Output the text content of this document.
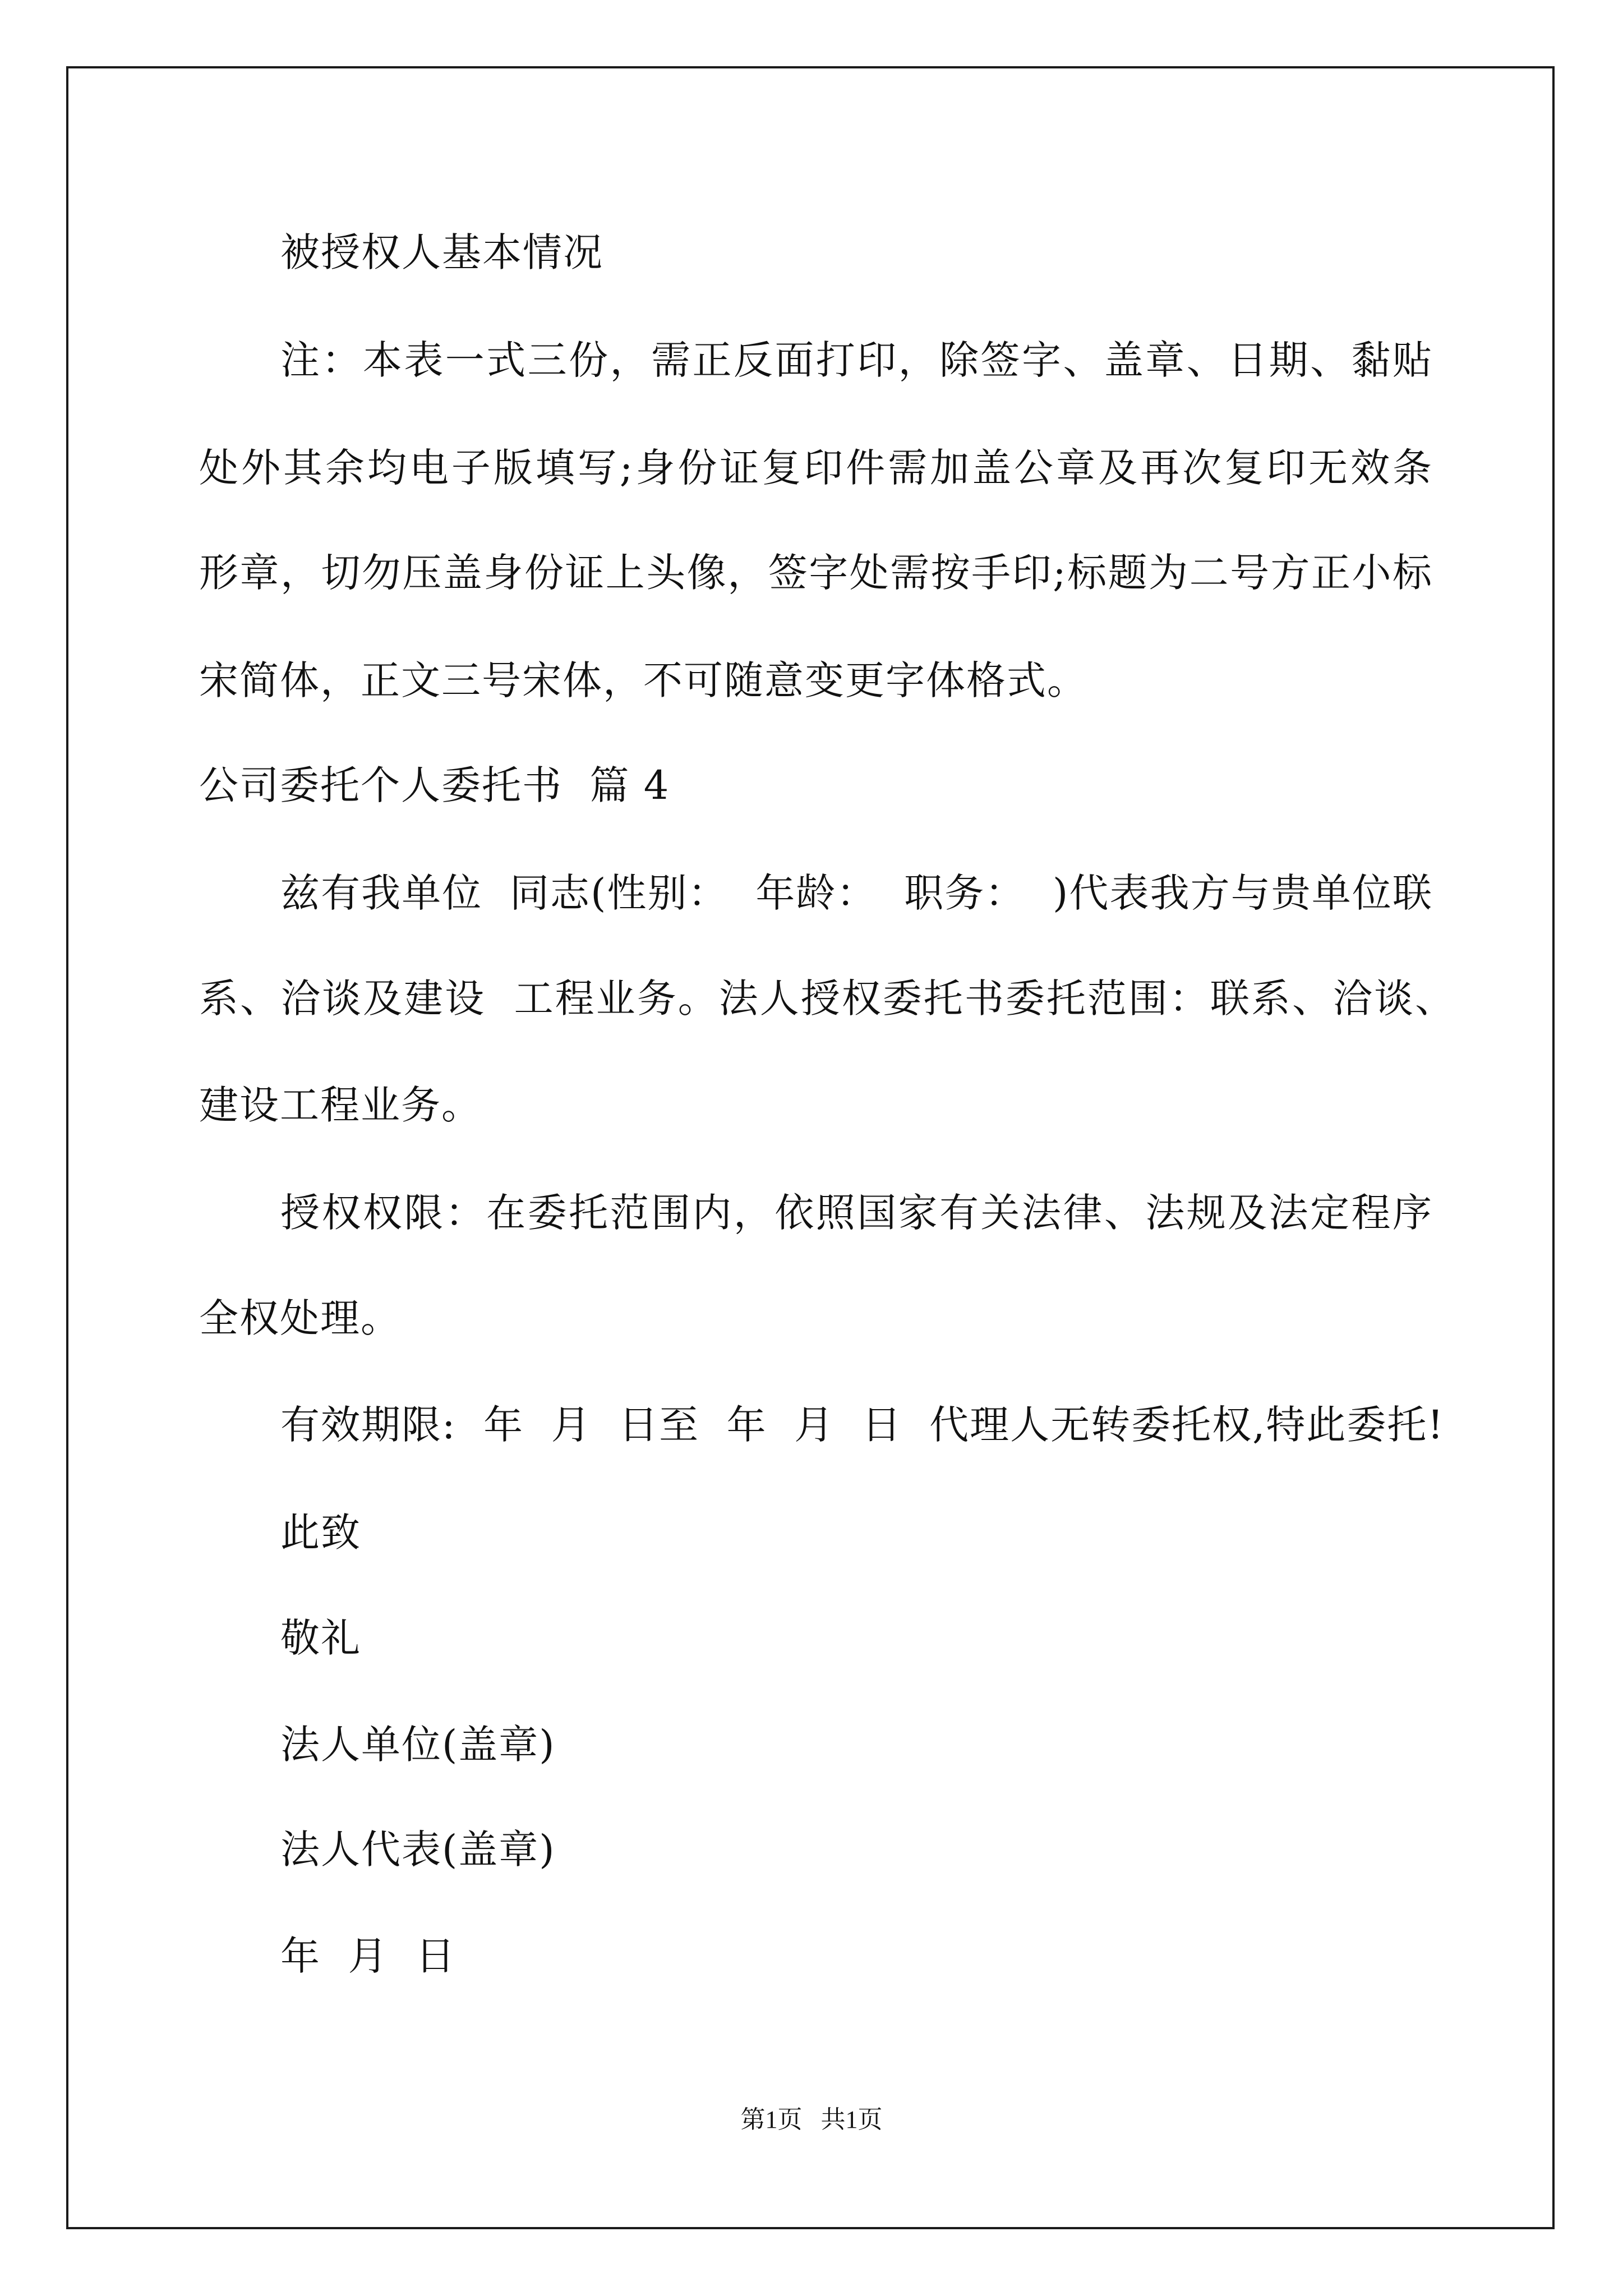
被授权人基本情况
注：本表一式三份，需正反面打印，除签字、盖章、日期、黏贴
处外其余均电子版填写;身份证复印件需加盖公章及再次复印无效条
形章，切勿压盖身份证上头像，签字处需按手印;标题为二号方正小标
宋简体，正文三号宋体，不可随意变更字体格式。
公司委托个人委托书  篇 4
兹有我单位  同志(性别：  年龄：  职务：  )代表我方与贵单位联
系、洽谈及建设  工程业务。法人授权委托书委托范围：联系、洽谈、
建设工程业务。
授权权限：在委托范围内，依照国家有关法律、法规及法定程序
全权处理。
有效期限:  年  月  日至  年  月  日  代理人无转委托权,特此委托!
此致
敬礼
法人单位(盖章)
法人代表(盖章)
年  月  日
第1页   共1页
